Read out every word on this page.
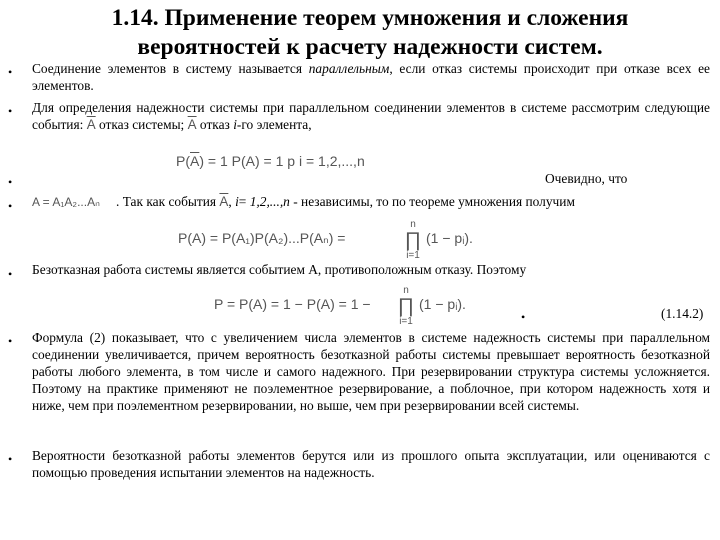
1.14. Применение теорем умножения и сложения
вероятностей к расчету надежности систем.
• Соединение элементов в систему называется параллельным, если отказ системы происходит при отказе всех ее элементов.
• Для определения надежности системы при параллельном соединении элементов в системе рассмотрим следующие события: $\overline{A}$ отказ системы; $\overline{A}$ отказ i-го элемента,
$P(\overline{A}) = 1$ P(A) = 1 p i = 1,2,...,n
•	Очевидно, что
• A = A₁A₂...Aₙ . Так как события $\overline{A}$, i= 1,2,...,n - независимы, то по теореме умножения получим
P(A) = P(A₁)P(A₂)...P(Aₙ) =
n
∏
i=1
(1 − pᵢ).
• Безотказная работа системы является событием А, противоположным отказу. Поэтому
P = P(A) = 1 − P(A) = 1 −
n
∏
i=1
(1 − pᵢ).
•	(1.14.2)
• Формула (2) показывает, что с увеличением числа элементов в системе надежность системы при параллельном соединении увеличивается, причем вероятность безотказной работы системы превышает вероятность безотказной работы любого элемента, в том числе и самого надежного. При резервировании структура системы усложняется. Поэтому на практике применяют не поэлементное резервирование, а поблочное, при котором надежность хотя и ниже, чем при поэлементном резервировании, но выше, чем при резервировании всей системы.
• Вероятности безотказной работы элементов берутся или из прошлого опыта эксплуатации, или оцениваются с помощью проведения испытании элементов на надежность.
